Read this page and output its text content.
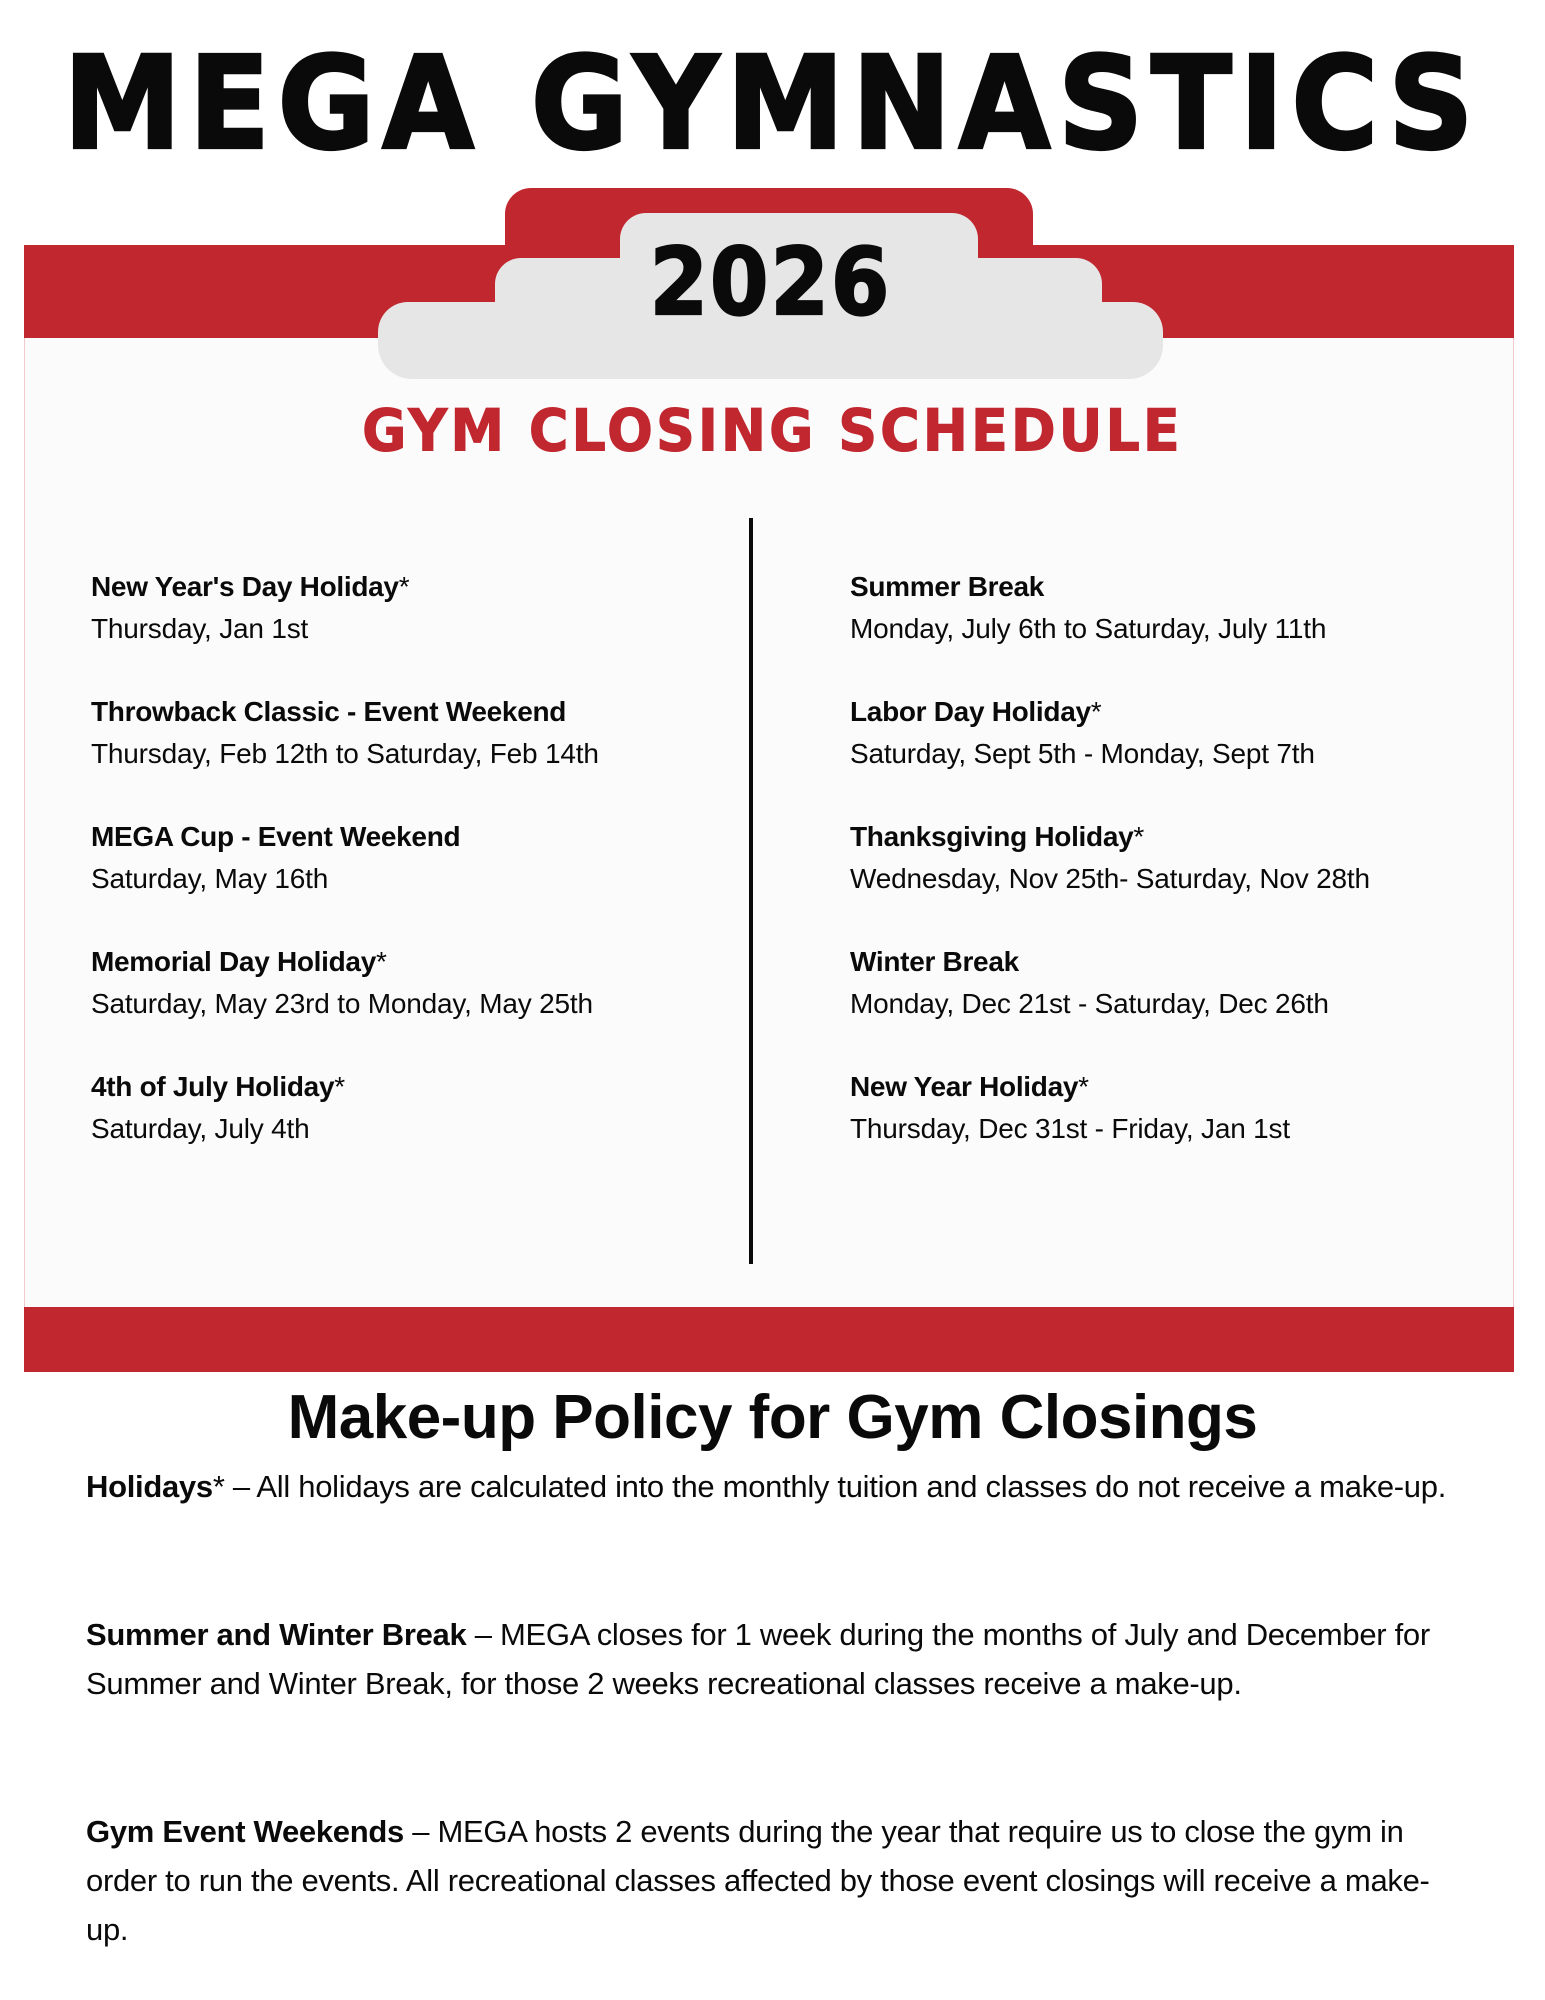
MEGA GYMNASTICS
2026
GYM CLOSING SCHEDULE
New Year's Day Holiday*
Thursday, Jan 1st
Throwback Classic - Event Weekend
Thursday, Feb 12th to Saturday, Feb 14th
MEGA Cup - Event Weekend
Saturday, May 16th
Memorial Day Holiday*
Saturday, May 23rd to Monday, May 25th
4th of July Holiday*
Saturday, July 4th
Summer Break
Monday, July 6th to Saturday, July 11th
Labor Day Holiday*
Saturday, Sept 5th - Monday, Sept 7th
Thanksgiving Holiday*
Wednesday, Nov 25th- Saturday, Nov 28th
Winter Break
Monday, Dec 21st - Saturday, Dec 26th
New Year Holiday*
Thursday, Dec 31st - Friday, Jan 1st
Make-up Policy for Gym Closings
Holidays* – All holidays are calculated into the monthly tuition and classes do not receive a make-up.
Summer and Winter Break – MEGA closes for 1 week during the months of July and December for Summer and Winter Break, for those 2 weeks recreational classes receive a make-up.
Gym Event Weekends – MEGA hosts 2 events during the year that require us to close the gym in order to run the events. All recreational classes affected by those event closings will receive a make-up.
